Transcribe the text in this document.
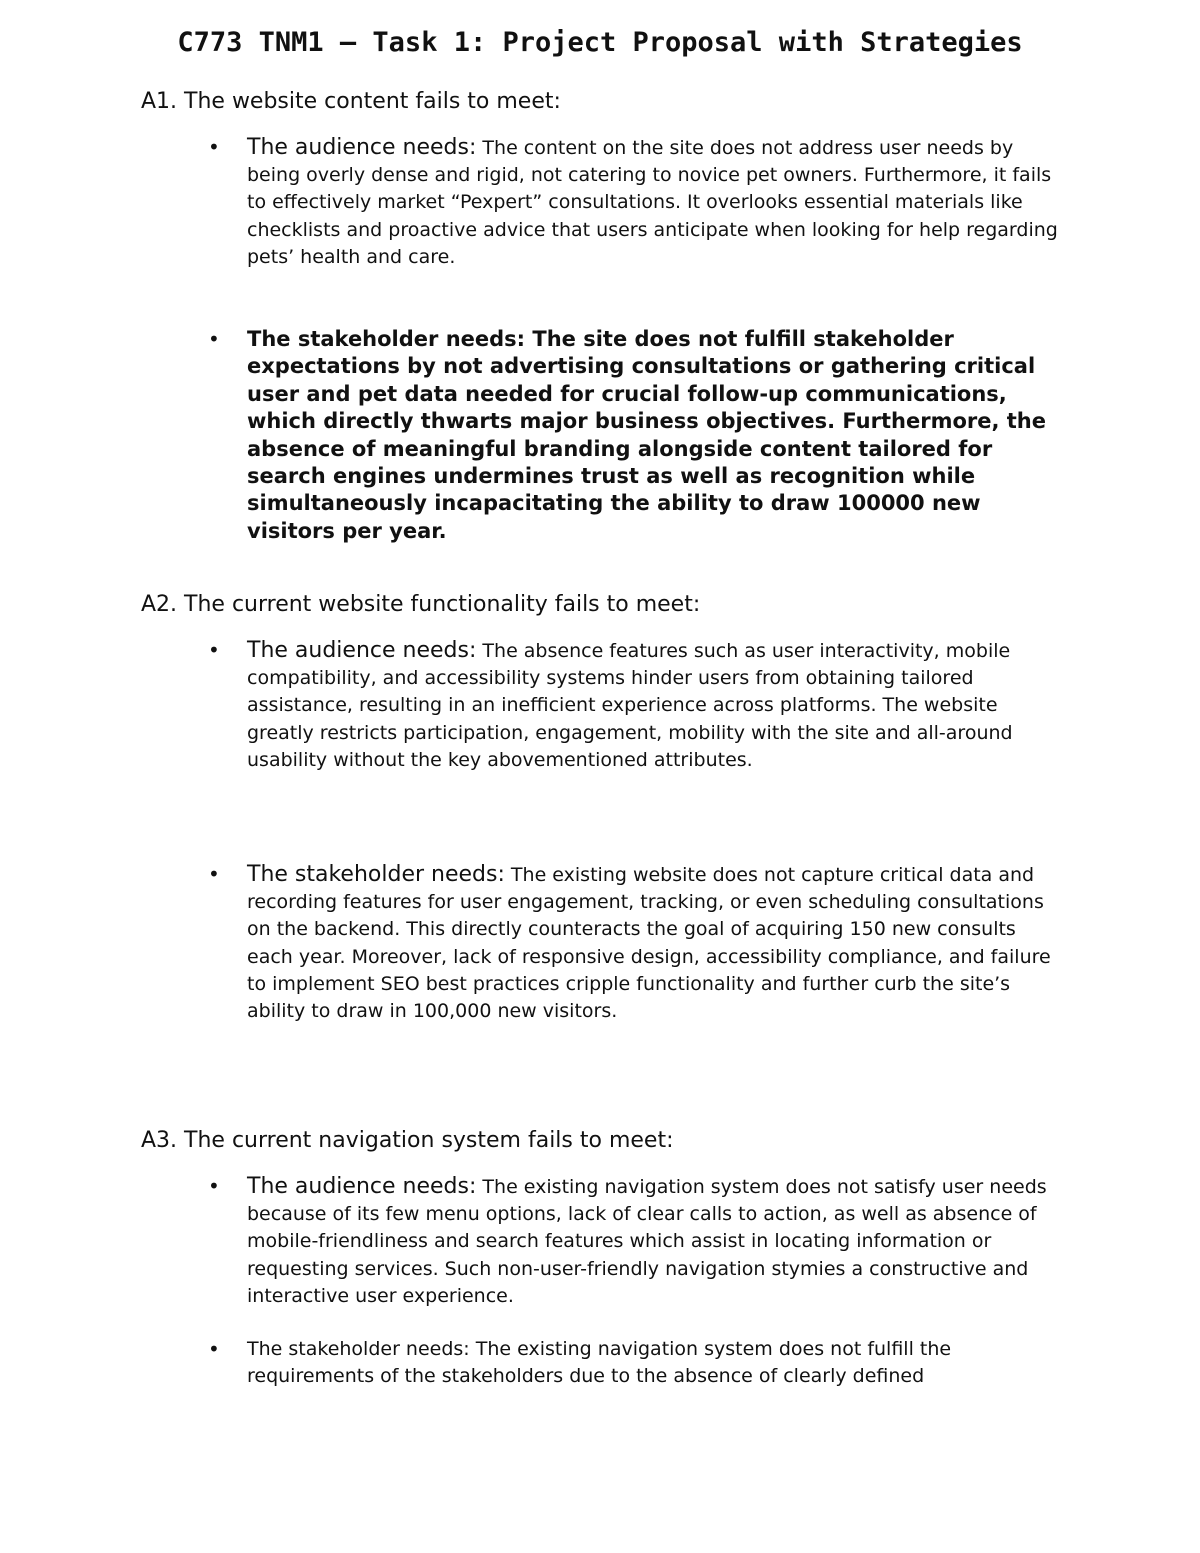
C773 TNM1 — Task 1: Project Proposal with Strategies
A1. The website content fails to meet:
•	The audience needs: The content on the site does not address user needs by being overly dense and rigid, not catering to novice pet owners. Furthermore, it fails to effectively market “Pexpert” consultations. It overlooks essential materials like checklists and proactive advice that users anticipate when looking for help regarding pets’ health and care.
•	The stakeholder needs: The site does not fulfill stakeholder expectations by not advertising consultations or gathering critical user and pet data needed for crucial follow-up communications, which directly thwarts major business objectives. Furthermore, the absence of meaningful branding alongside content tailored for search engines undermines trust as well as recognition while simultaneously incapacitating the ability to draw 100000 new visitors per year.
A2. The current website functionality fails to meet:
•	The audience needs: The absence features such as user interactivity, mobile compatibility, and accessibility systems hinder users from obtaining tailored assistance, resulting in an inefficient experience across platforms. The website greatly restricts participation, engagement, mobility with the site and all-around usability without the key abovementioned attributes.
•	The stakeholder needs: The existing website does not capture critical data and recording features for user engagement, tracking, or even scheduling consultations on the backend. This directly counteracts the goal of acquiring 150 new consults each year. Moreover, lack of responsive design, accessibility compliance, and failure to implement SEO best practices cripple functionality and further curb the site’s ability to draw in 100,000 new visitors.
A3. The current navigation system fails to meet:
•	The audience needs: The existing navigation system does not satisfy user needs because of its few menu options, lack of clear calls to action, as well as absence of mobile-friendliness and search features which assist in locating information or requesting services. Such non-user-friendly navigation stymies a constructive and interactive user experience.
•	The stakeholder needs: The existing navigation system does not fulfill the requirements of the stakeholders due to the absence of clearly defined
